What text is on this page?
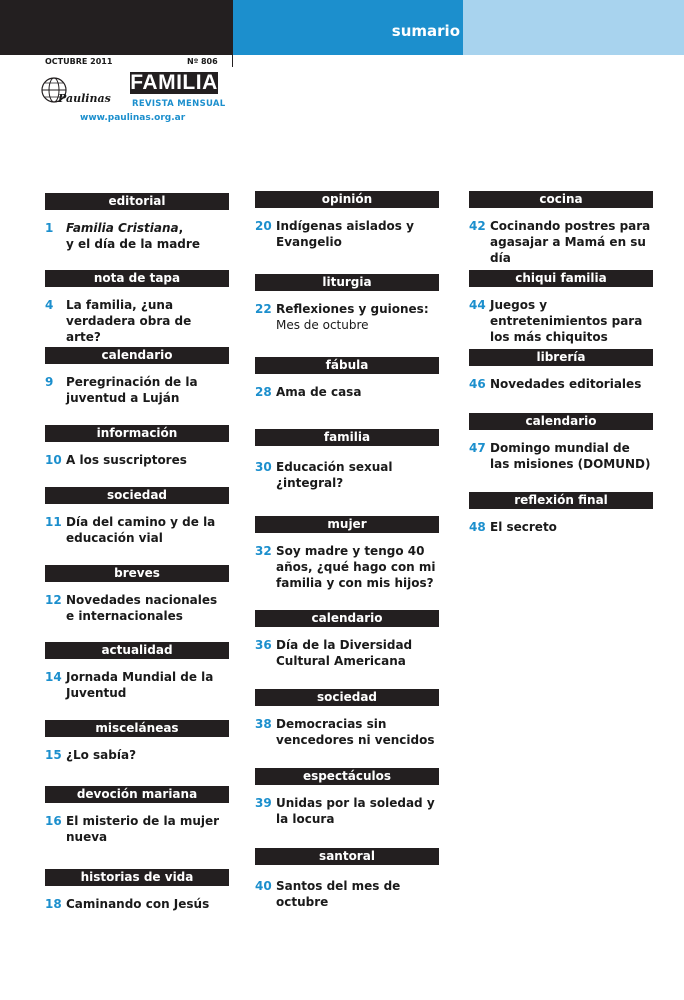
sumario
OCTUBRE 2011	Nº 806
Paulinas
FAMILIA
REVISTA MENSUAL
www.paulinas.org.ar
editorial
1 Familia Cristiana,
y el día de la madre
nota de tapa
4 La familia, ¿una verdadera obra de arte?
calendario
9 Peregrinación de la juventud a Luján
información
10 A los suscriptores
sociedad
11 Día del camino y de la educación vial
breves
12 Novedades nacionales e internacionales
actualidad
14 Jornada Mundial de la Juventud
misceláneas
15 ¿Lo sabía?
devoción mariana
16 El misterio de la mujer nueva
historias de vida
18 Caminando con Jesús
opinión
20 Indígenas aislados y Evangelio
liturgia
22 Reflexiones y guiones:
Mes de octubre
fábula
28 Ama de casa
familia
30 Educación sexual ¿integral?
mujer
32 Soy madre y tengo 40 años, ¿qué hago con mi familia y con mis hijos?
calendario
36 Día de la Diversidad Cultural Americana
sociedad
38 Democracias sin vencedores ni vencidos
espectáculos
39 Unidas por la soledad y la locura
santoral
40 Santos del mes de octubre
cocina
42 Cocinando postres para agasajar a Mamá en su día
chiqui familia
44 Juegos y entretenimientos para los más chiquitos
librería
46 Novedades editoriales
calendario
47 Domingo mundial de las misiones (DOMUND)
reflexión final
48 El secreto
